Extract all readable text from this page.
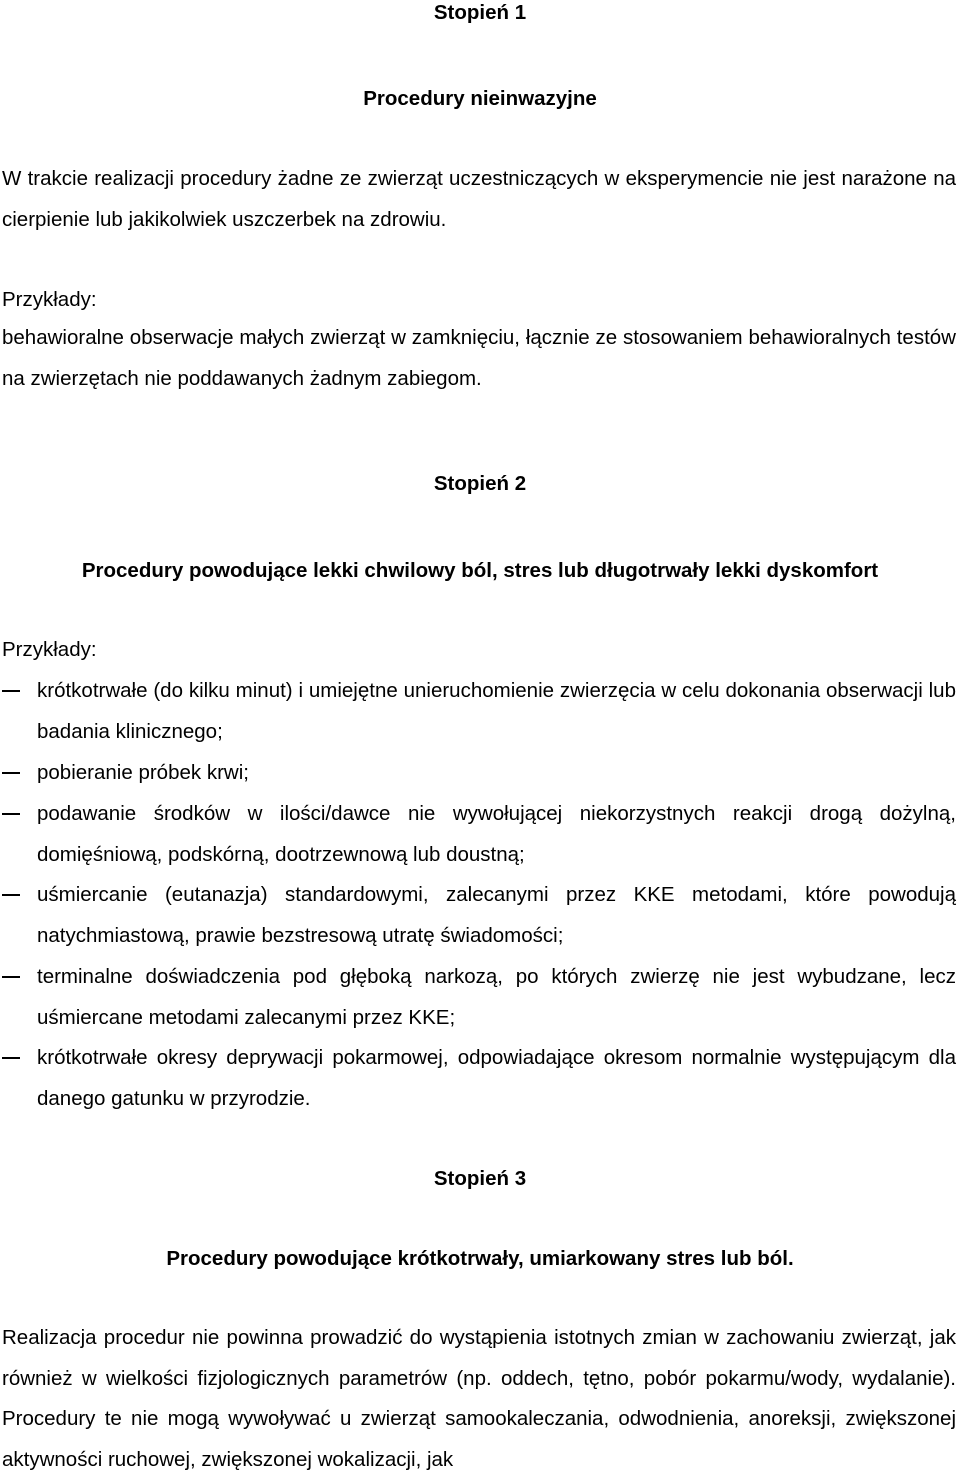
Stopień 1
Procedury nieinwazyjne
W trakcie realizacji procedury żadne ze zwierząt uczestniczących w eksperymencie nie jest narażone na cierpienie lub jakikolwiek uszczerbek na zdrowiu.
Przykłady:
behawioralne obserwacje małych zwierząt w zamknięciu, łącznie ze stosowaniem behawioralnych testów na zwierzętach nie poddawanych żadnym zabiegom.
Stopień 2
Procedury powodujące lekki chwilowy ból, stres lub długotrwały lekki dyskomfort
Przykłady:
krótkotrwałe (do kilku minut) i umiejętne unieruchomienie zwierzęcia w celu dokonania obserwacji lub badania klinicznego;
pobieranie próbek krwi;
podawanie środków w ilości/dawce nie wywołującej niekorzystnych reakcji drogą dożylną, domięśniową, podskórną, dootrzewnową lub doustną;
uśmiercanie (eutanazja) standardowymi, zalecanymi przez KKE metodami, które powodują natychmiastową, prawie bezstresową utratę świadomości;
terminalne doświadczenia pod głęboką narkozą, po których zwierzę nie jest wybudzane, lecz uśmiercane metodami zalecanymi przez KKE;
krótkotrwałe okresy deprywacji pokarmowej, odpowiadające okresom normalnie występującym dla danego gatunku w przyrodzie.
Stopień 3
Procedury powodujące krótkotrwały, umiarkowany stres lub ból.
Realizacja procedur nie powinna prowadzić do wystąpienia istotnych zmian w zachowaniu zwierząt, jak również w wielkości fizjologicznych parametrów (np. oddech, tętno, pobór pokarmu/wody, wydalanie). Procedury te nie mogą wywoływać u zwierząt samookaleczania, odwodnienia, anoreksji, zwiększonej aktywności ruchowej, zwiększonej wokalizacji, jak
